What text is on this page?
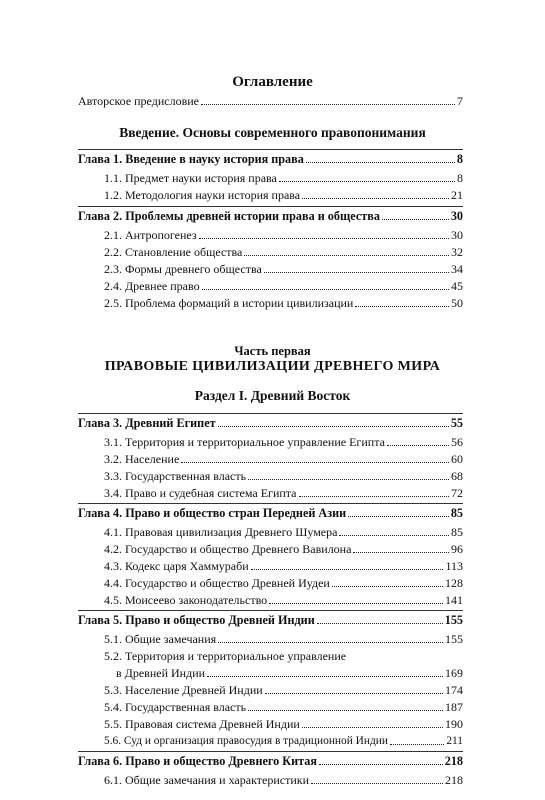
Оглавление
Авторское предисловие	7
Введение. Основы современного правопонимания
Глава 1. Введение в науку история права	8
1.1. Предмет науки история права	8
1.2. Методология науки история права	21
Глава 2. Проблемы древней истории права и общества	30
2.1. Антропогенез	30
2.2. Становление общества	32
2.3. Формы древнего общества	34
2.4. Древнее право	45
2.5. Проблема формаций в истории цивилизации	50
Часть первая
ПРАВОВЫЕ ЦИВИЛИЗАЦИИ ДРЕВНЕГО МИРА
Раздел I. Древний Восток
Глава 3. Древний Египет	55
3.1. Территория и территориальное управление Египта	56
3.2. Население	60
3.3. Государственная власть	68
3.4. Право и судебная система Египта	72
Глава 4. Право и общество стран Передней Азии	85
4.1. Правовая цивилизация Древнего Шумера	85
4.2. Государство и общество Древнего Вавилона	96
4.3. Кодекс царя Хаммураби	113
4.4. Государство и общество Древней Иудеи	128
4.5. Моисеево законодательство	141
Глава 5. Право и общество Древней Индии	155
5.1. Общие замечания	155
5.2. Территория и территориальное управление
в Древней Индии	169
5.3. Население Древней Индии	174
5.4. Государственная власть	187
5.5. Правовая система Древней Индии	190
5.6. Суд и организация правосудия в традиционной Индии	211
Глава 6. Право и общество Древнего Китая	218
6.1. Общие замечания и характеристики	218
